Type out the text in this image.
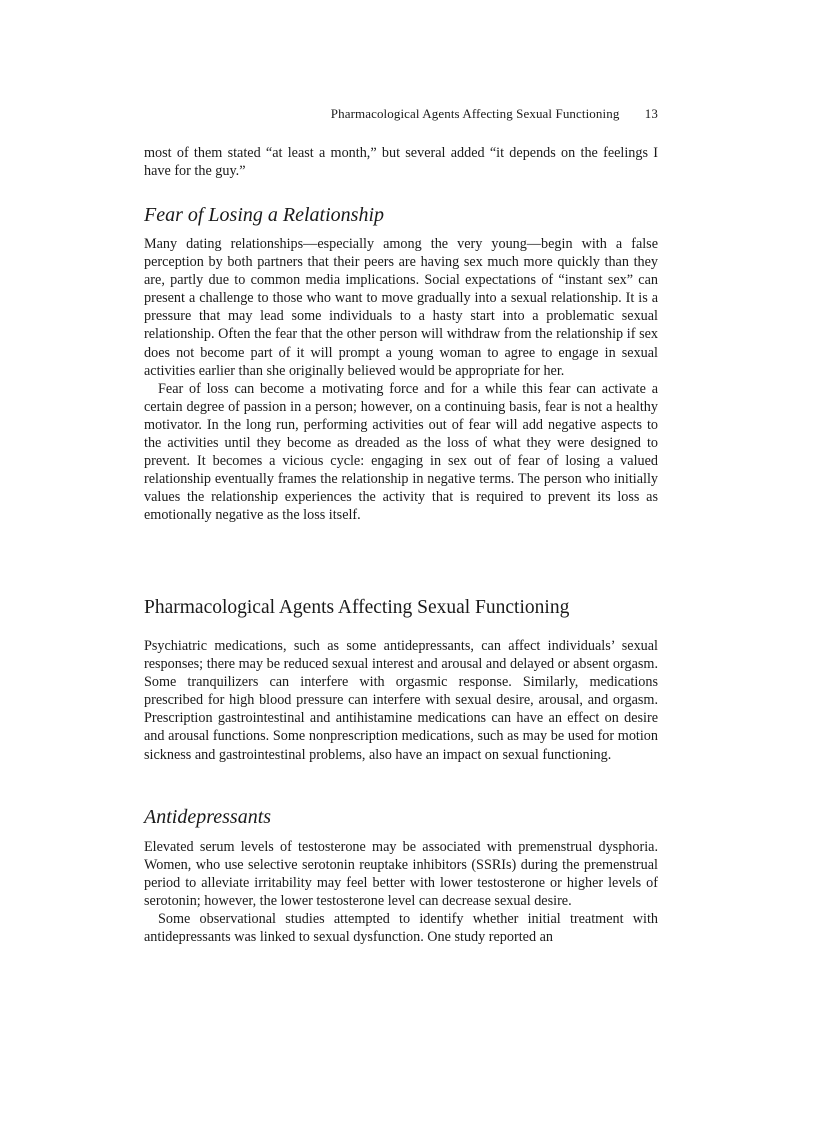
Pharmacological Agents Affecting Sexual Functioning 13

most of them stated “at least a month,” but several added “it depends on the feelings I have for the guy.”

Fear of Losing a Relationship

Many dating relationships—especially among the very young—begin with a false perception by both partners that their peers are having sex much more quickly than they are, partly due to common media implications. Social expectations of “instant sex” can present a challenge to those who want to move gradually into a sexual relationship. It is a pressure that may lead some individuals to a hasty start into a problematic sexual relationship. Often the fear that the other person will withdraw from the relationship if sex does not become part of it will prompt a young woman to agree to engage in sexual activities earlier than she originally believed would be appropriate for her.

Fear of loss can become a motivating force and for a while this fear can activate a certain degree of passion in a person; however, on a continuing basis, fear is not a healthy motivator. In the long run, performing activities out of fear will add negative aspects to the activities until they become as dreaded as the loss of what they were designed to prevent. It becomes a vicious cycle: engaging in sex out of fear of losing a valued relationship eventually frames the relationship in negative terms. The person who initially values the relationship experiences the activity that is required to prevent its loss as emotionally negative as the loss itself.

Pharmacological Agents Affecting Sexual Functioning

Psychiatric medications, such as some antidepressants, can affect individuals’ sexual responses; there may be reduced sexual interest and arousal and delayed or absent orgasm. Some tranquilizers can interfere with orgasmic response. Similarly, medications prescribed for high blood pressure can interfere with sexual desire, arousal, and orgasm. Prescription gastrointestinal and antihistamine medications can have an effect on desire and arousal functions. Some nonprescription medications, such as may be used for motion sickness and gastrointestinal problems, also have an impact on sexual functioning.

Antidepressants

Elevated serum levels of testosterone may be associated with premenstrual dysphoria. Women, who use selective serotonin reuptake inhibitors (SSRIs) during the premenstrual period to alleviate irritability may feel better with lower testosterone or higher levels of serotonin; however, the lower testosterone level can decrease sexual desire.

Some observational studies attempted to identify whether initial treatment with antidepressants was linked to sexual dysfunction. One study reported an
